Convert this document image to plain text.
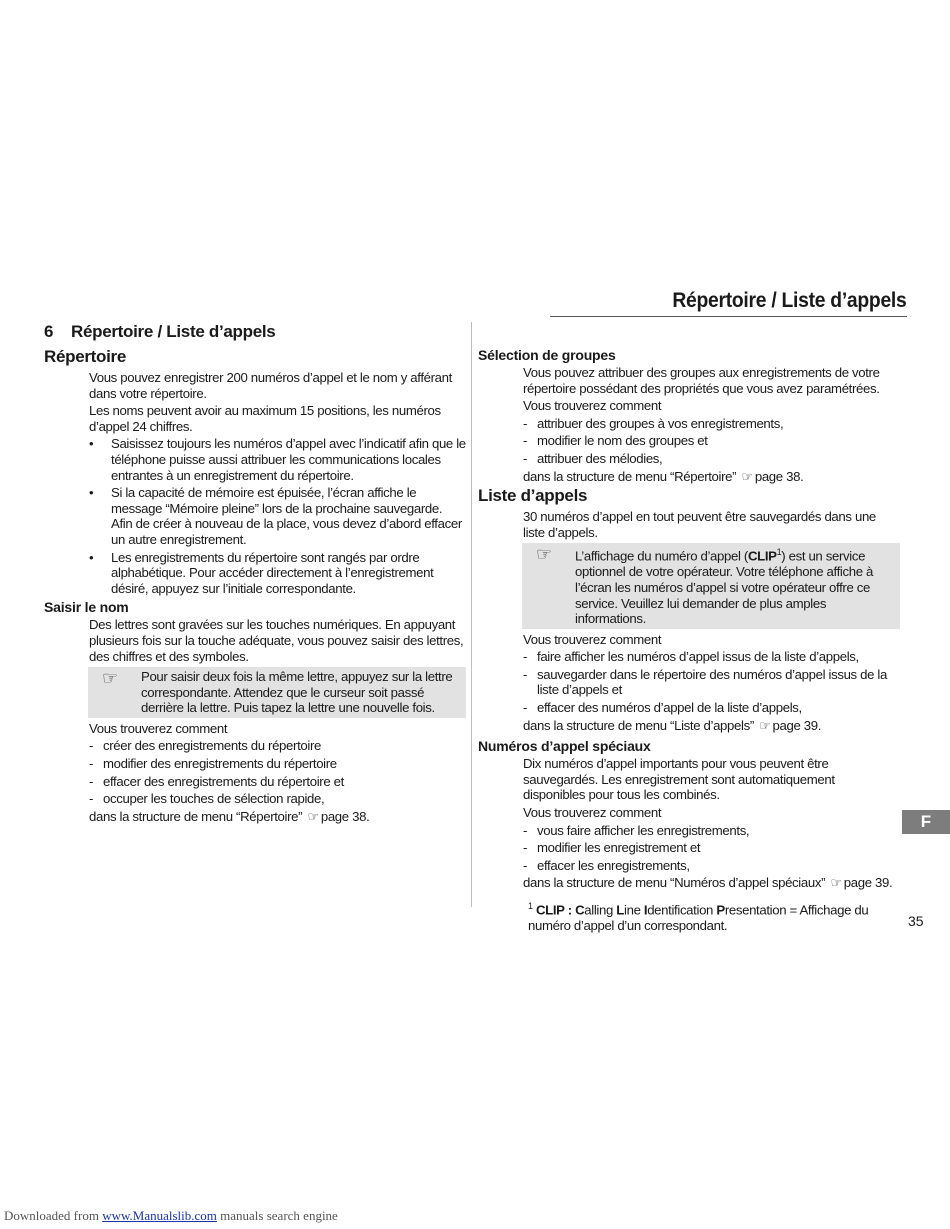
Répertoire / Liste d’appels
6 Répertoire / Liste d’appels
Répertoire

Vous pouvez enregistrer 200 numéros d’appel et le nom y afférant dans votre répertoire.

Les noms peuvent avoir au maximum 15 positions, les numéros d’appel 24 chiffres.

• Saisissez toujours les numéros d’appel avec l’indicatif afin que le téléphone puisse aussi attribuer les communications locales entrantes à un enregistrement du répertoire.
• Si la capacité de mémoire est épuisée, l’écran affiche le message “Mémoire pleine” lors de la prochaine sauvegarde. Afin de créer à nouveau de la place, vous devez d’abord effacer un autre enregistrement.
• Les enregistrements du répertoire sont rangés par ordre alphabétique. Pour accéder directement à l’enregistrement désiré, appuyez sur l’initiale correspondante.
Saisir le nom

Des lettres sont gravées sur les touches numériques. En appuyant plusieurs fois sur la touche adéquate, vous pouvez saisir des lettres, des chiffres et des symboles.

☞ Pour saisir deux fois la même lettre, appuyez sur la lettre correspondante. Attendez que le curseur soit passé derrière la lettre. Puis tapez la lettre une nouvelle fois.

Vous trouverez comment

- créer des enregistrements du répertoire
- modifier des enregistrements du répertoire
- effacer des enregistrements du répertoire et
- occuper les touches de sélection rapide,

dans la structure de menu “Répertoire” ☞ page 38.

Sélection de groupes

Vous pouvez attribuer des groupes aux enregistrements de votre répertoire possédant des propriétés que vous avez paramétrées.

Vous trouverez comment

- attribuer des groupes à vos enregistrements,
- modifier le nom des groupes et
- attribuer des mélodies,

dans la structure de menu “Répertoire” ☞ page 38.

Liste d’appels

30 numéros d’appel en tout peuvent être sauvegardés dans une liste d’appels.

☞ L’affichage du numéro d’appel (CLIP$^1$) est un service optionnel de votre opérateur. Votre téléphone affiche à l’écran les numéros d’appel si votre opérateur offre ce service. Veuillez lui demander de plus amples informations.

Vous trouverez comment

- faire afficher les numéros d’appel issus de la liste d’appels,
- sauvegarder dans le répertoire des numéros d’appel issus de la liste d’appels et
- effacer des numéros d’appel de la liste d’appels,

dans la structure de menu “Liste d’appels” ☞ page 39.

Numéros d’appel spéciaux

Dix numéros d’appel importants pour vous peuvent être sauvegardés. Les enregistrement sont automatiquement disponibles pour tous les combinés.

Vous trouverez comment

- vous faire afficher les enregistrements,
- modifier les enregistrement et
- effacer les enregistrements,

dans la structure de menu “Numéros d’appel spéciaux” ☞ page 39.

$^1$ CLIP : Calling Line Identification Presentation = Affichage du numéro d’appel d’un correspondant.
F
35
Downloaded from www.Manualslib.com manuals search engine
